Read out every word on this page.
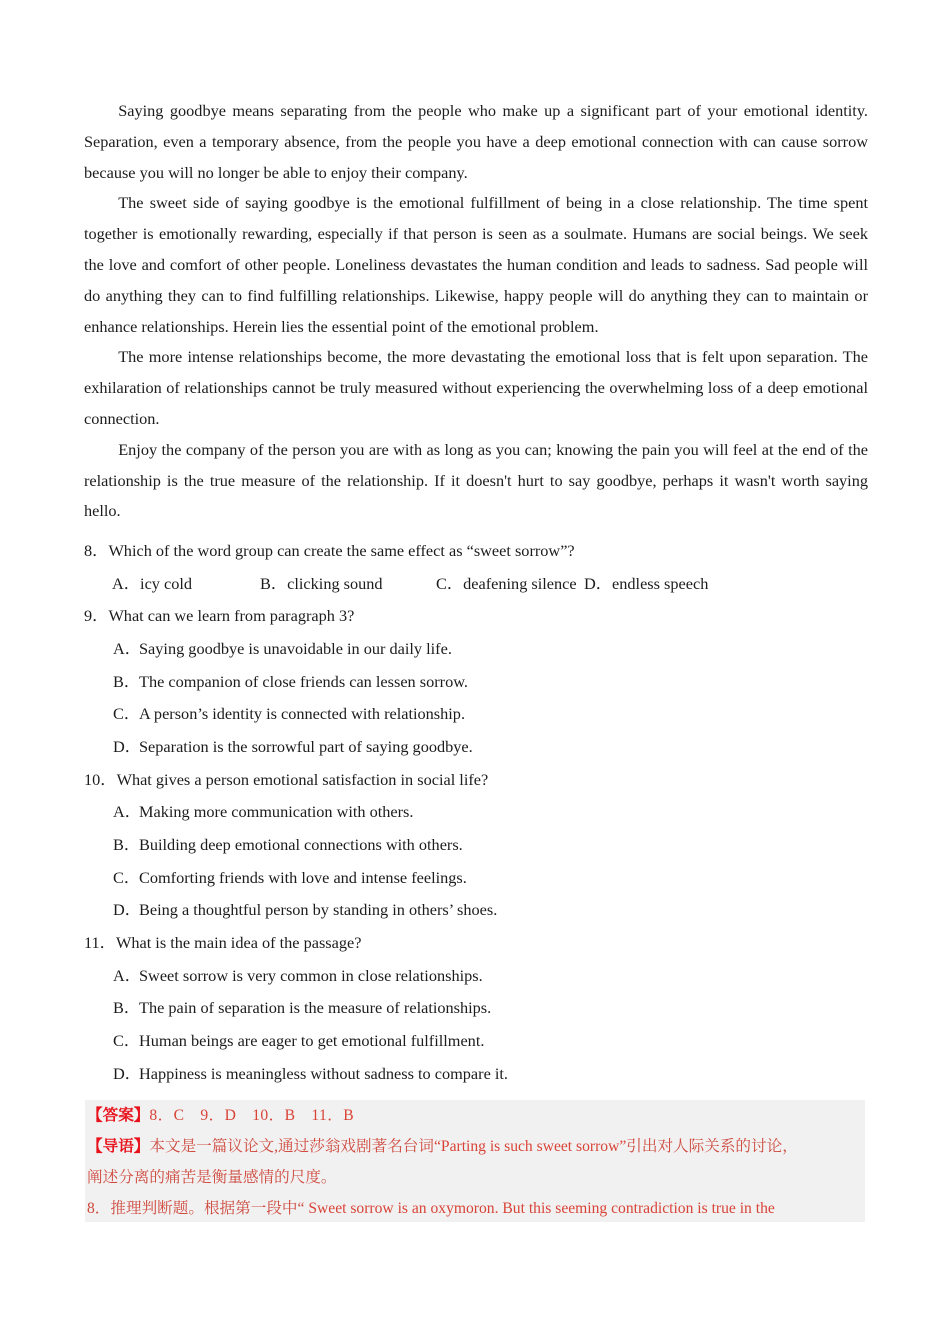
Saying goodbye means separating from the people who make up a significant part of your emotional identity. Separation, even a temporary absence, from the people you have a deep emotional connection with can cause sorrow because you will no longer be able to enjoy their company.

The sweet side of saying goodbye is the emotional fulfillment of being in a close relationship. The time spent together is emotionally rewarding, especially if that person is seen as a soulmate. Humans are social beings. We seek the love and comfort of other people. Loneliness devastates the human condition and leads to sadness. Sad people will do anything they can to find fulfilling relationships. Likewise, happy people will do anything they can to maintain or enhance relationships. Herein lies the essential point of the emotional problem.

The more intense relationships become, the more devastating the emotional loss that is felt upon separation. The exhilaration of relationships cannot be truly measured without experiencing the overwhelming loss of a deep emotional connection.

Enjoy the company of the person you are with as long as you can; knowing the pain you will feel at the end of the relationship is the true measure of the relationship. If it doesn't hurt to say goodbye, perhaps it wasn't worth saying hello.

8．Which of the word group can create the same effect as “sweet sorrow”?

A．icy cold	B．clicking sound	C．deafening silence D．endless speech

9．What can we learn from paragraph 3?

A．Saying goodbye is unavoidable in our daily life.

B．The companion of close friends can lessen sorrow.

C．A person’s identity is connected with relationship.

D．Separation is the sorrowful part of saying goodbye.

10．What gives a person emotional satisfaction in social life?

A．Making more communication with others.

B．Building deep emotional connections with others.

C．Comforting friends with love and intense feelings.

D．Being a thoughtful person by standing in others’ shoes.

11．What is the main idea of the passage?

A．Sweet sorrow is very common in close relationships.

B．The pain of separation is the measure of relationships.

C．Human beings are eager to get emotional fulfillment.

D．Happiness is meaningless without sadness to compare it.

【答案】8．C　9．D　10．B　11．B

【导语】本文是一篇议论文,通过莎翁戏剧著名台词“Parting is such sweet sorrow”引出对人际关系的讨论，

阐述分离的痛苦是衡量感情的尺度。

8．推理判断题。根据第一段中“ Sweet sorrow is an oxymoron. But this seeming contradiction is true in the
